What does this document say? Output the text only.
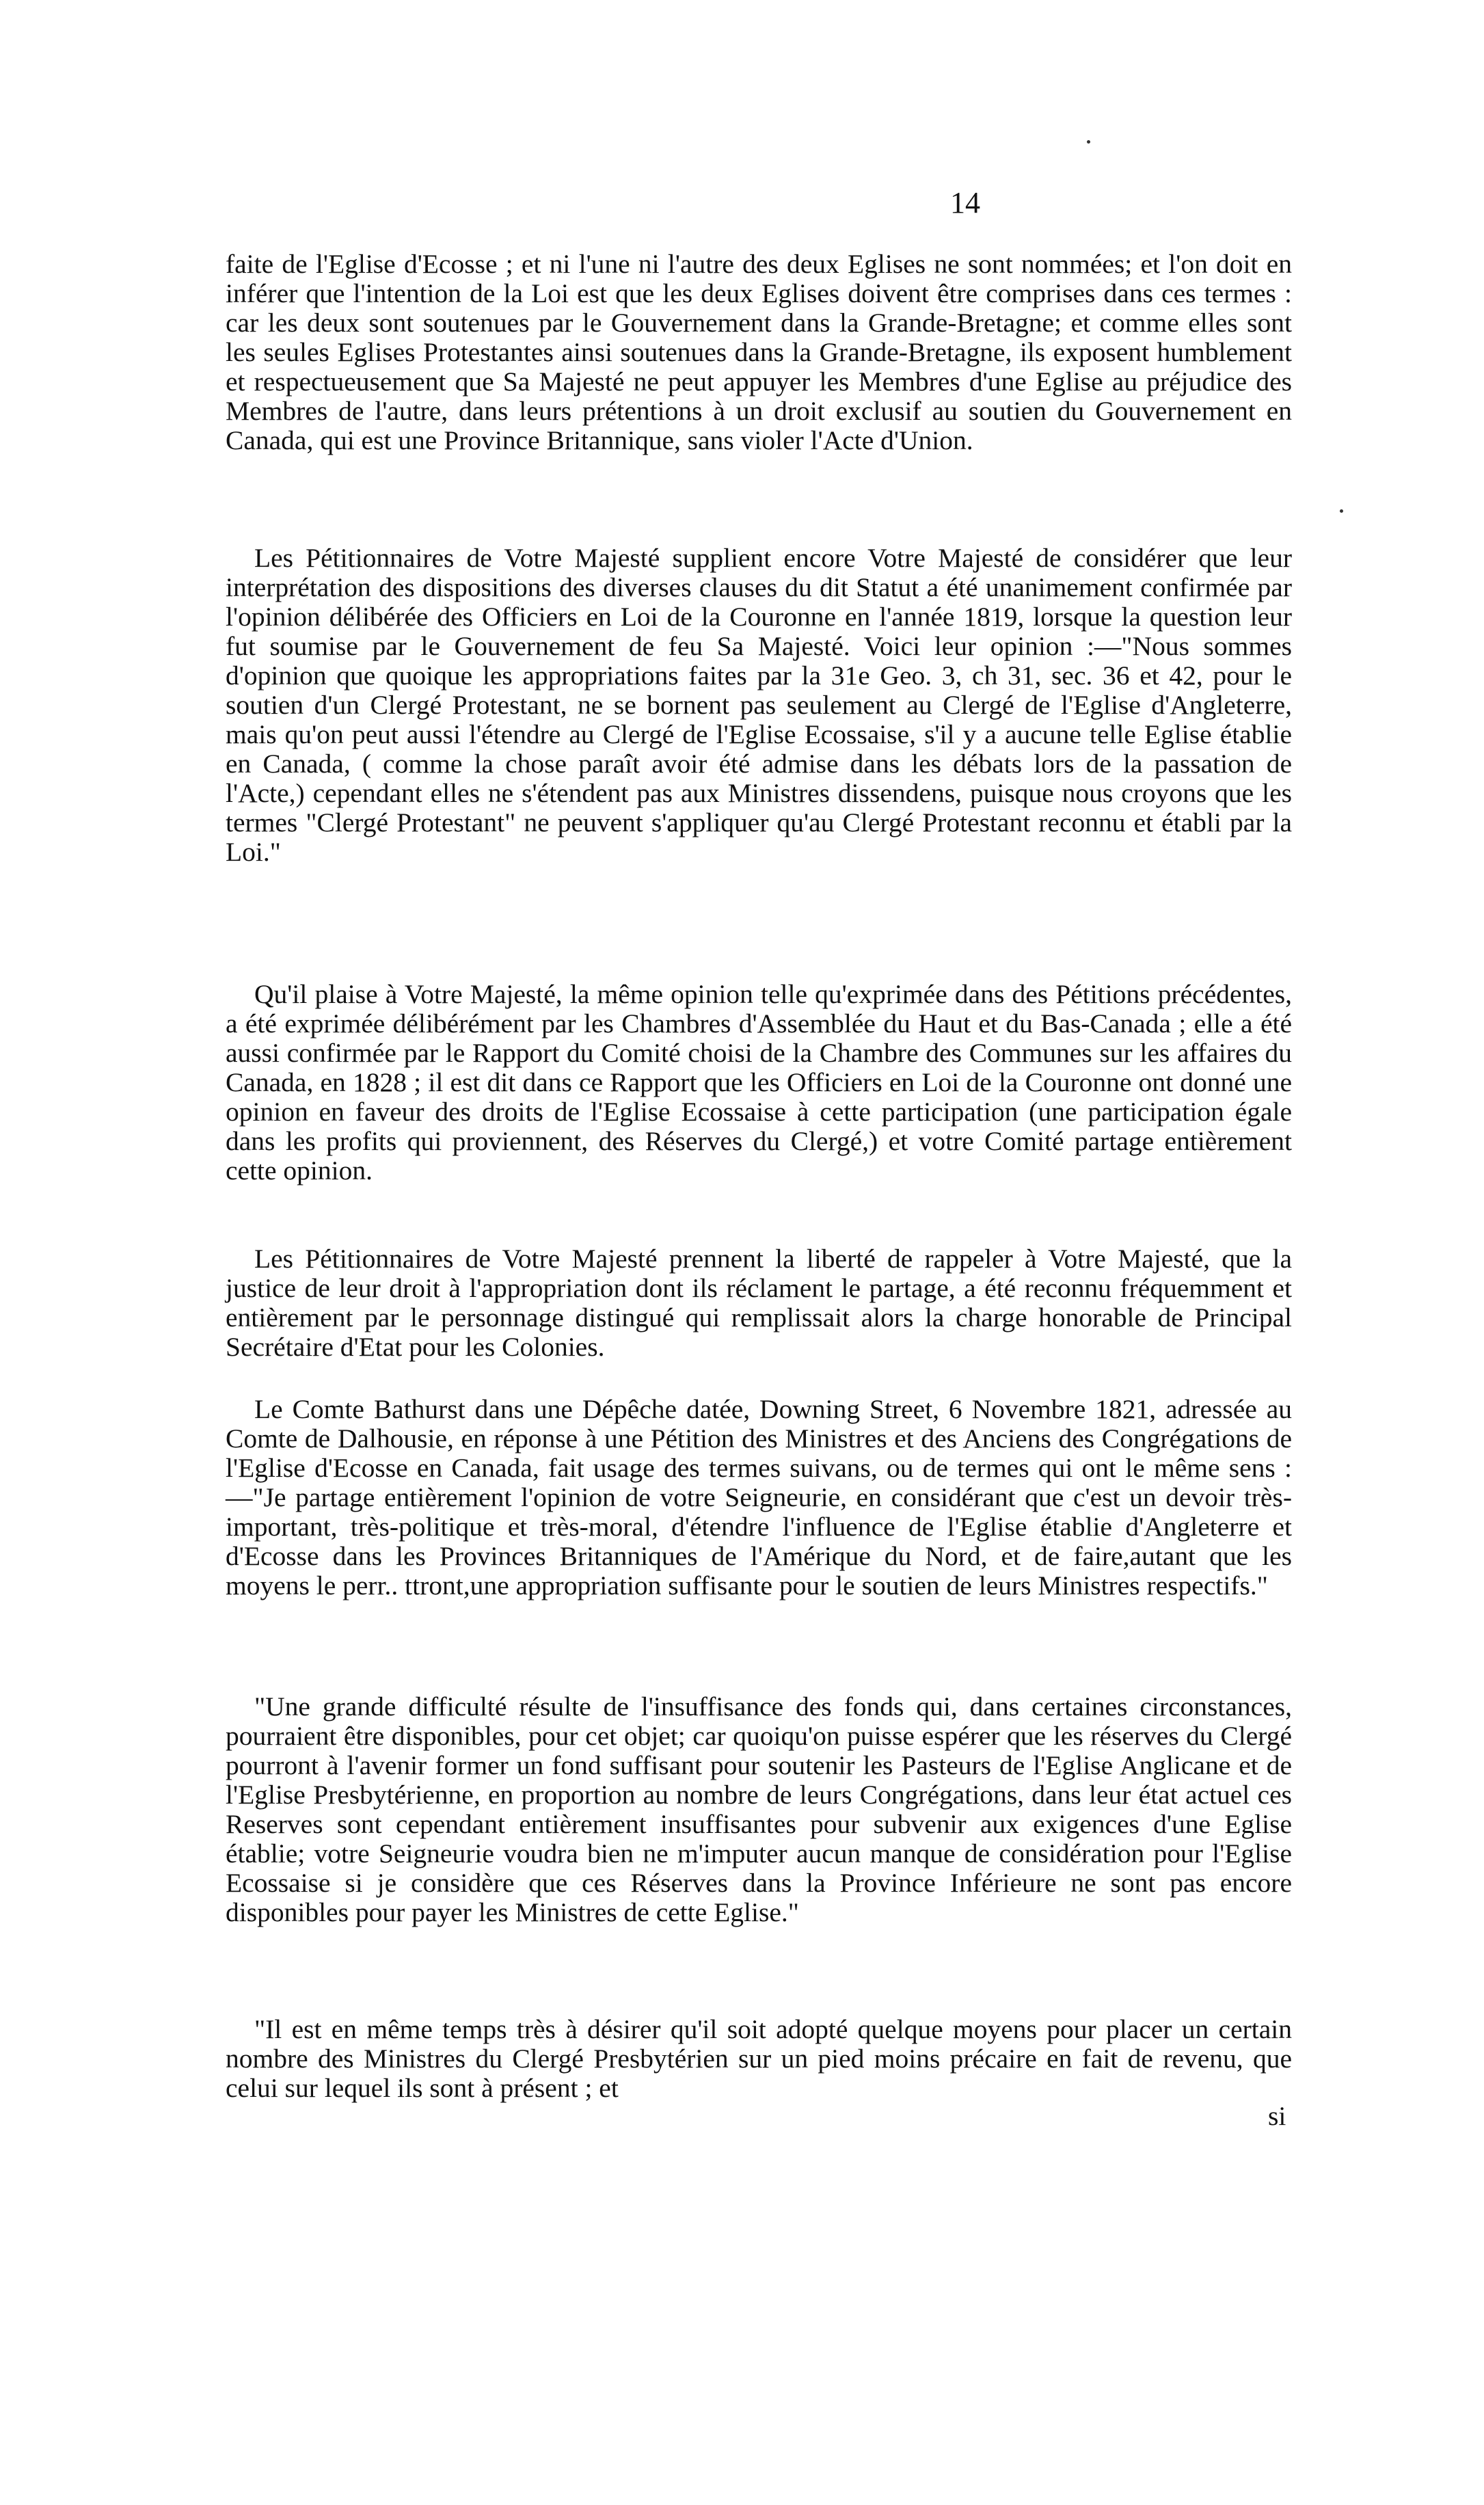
14

faite de l'Eglise d'Ecosse ; et ni l'une ni l'autre des deux Eglises ne sont nommées; et l'on doit en inférer que l'intention de la Loi est que les deux Eglises doivent être comprises dans ces termes : car les deux sont soutenues par le Gouvernement dans la Grande-Bretagne; et comme elles sont les seules Eglises Protestantes ainsi soutenues dans la Grande-Bretagne, ils exposent humblement et respectueusement que Sa Majesté ne peut appuyer les Membres d'une Eglise au préjudice des Membres de l'autre, dans leurs prétentions à un droit exclusif au soutien du Gouvernement en Canada, qui est une Province Britannique, sans violer l'Acte d'Union.

Les Pétitionnaires de Votre Majesté supplient encore Votre Majesté de considérer que leur interprétation des dispositions des diverses clauses du dit Statut a été unanimement confirmée par l'opinion délibérée des Officiers en Loi de la Couronne en l'année 1819, lorsque la question leur fut soumise par le Gouvernement de feu Sa Majesté. Voici leur opinion :—"Nous sommes d'opinion que quoique les appropriations faites par la 31e Geo. 3, ch 31, sec. 36 et 42, pour le soutien d'un Clergé Protestant, ne se bornent pas seulement au Clergé de l'Eglise d'Angleterre, mais qu'on peut aussi l'étendre au Clergé de l'Eglise Ecossaise, s'il y a aucune telle Eglise établie en Canada, ( comme la chose paraît avoir été admise dans les débats lors de la passation de l'Acte,) cependant elles ne s'étendent pas aux Ministres dissendens, puisque nous croyons que les termes "Clergé Protestant" ne peuvent s'appliquer qu'au Clergé Protestant reconnu et établi par la Loi."

Qu'il plaise à Votre Majesté, la même opinion telle qu'exprimée dans des Pétitions précédentes, a été exprimée délibérément par les Chambres d'Assemblée du Haut et du Bas-Canada ; elle a été aussi confirmée par le Rapport du Comité choisi de la Chambre des Communes sur les affaires du Canada, en 1828 ; il est dit dans ce Rapport que les Officiers en Loi de la Couronne ont donné une opinion en faveur des droits de l'Eglise Ecossaise à cette participation (une participation égale dans les profits qui proviennent, des Réserves du Clergé,) et votre Comité partage entièrement cette opinion.

Les Pétitionnaires de Votre Majesté prennent la liberté de rappeler à Votre Majesté, que la justice de leur droit à l'appropriation dont ils réclament le partage, a été reconnu fréquemment et entièrement par le personnage distingué qui remplissait alors la charge honorable de Principal Secrétaire d'Etat pour les Colonies.

Le Comte Bathurst dans une Dépêche datée, Downing Street, 6 Novembre 1821, adressée au Comte de Dalhousie, en réponse à une Pétition des Ministres et des Anciens des Congrégations de l'Eglise d'Ecosse en Canada, fait usage des termes suivans, ou de termes qui ont le même sens :—"Je partage entièrement l'opinion de votre Seigneurie, en considérant que c'est un devoir très-important, très-politique et très-moral, d'étendre l'influence de l'Eglise établie d'Angleterre et d'Ecosse dans les Provinces Britanniques de l'Amérique du Nord, et de faire,autant que les moyens le perr.. ttront,une appropriation suffisante pour le soutien de leurs Ministres respectifs."

"Une grande difficulté résulte de l'insuffisance des fonds qui, dans certaines circonstances, pourraient être disponibles, pour cet objet; car quoiqu'on puisse espérer que les réserves du Clergé pourront à l'avenir former un fond suffisant pour soutenir les Pasteurs de l'Eglise Anglicane et de l'Eglise Presbytérienne, en proportion au nombre de leurs Congrégations, dans leur état actuel ces Reserves sont cependant entièrement insuffisantes pour subvenir aux exigences d'une Eglise établie; votre Seigneurie voudra bien ne m'imputer aucun manque de considération pour l'Eglise Ecossaise si je considère que ces Réserves dans la Province Inférieure ne sont pas encore disponibles pour payer les Ministres de cette Eglise."

"Il est en même temps très à désirer qu'il soit adopté quelque moyens pour placer un certain nombre des Ministres du Clergé Presbytérien sur un pied moins précaire en fait de revenu, que celui sur lequel ils sont à présent ; et

si
